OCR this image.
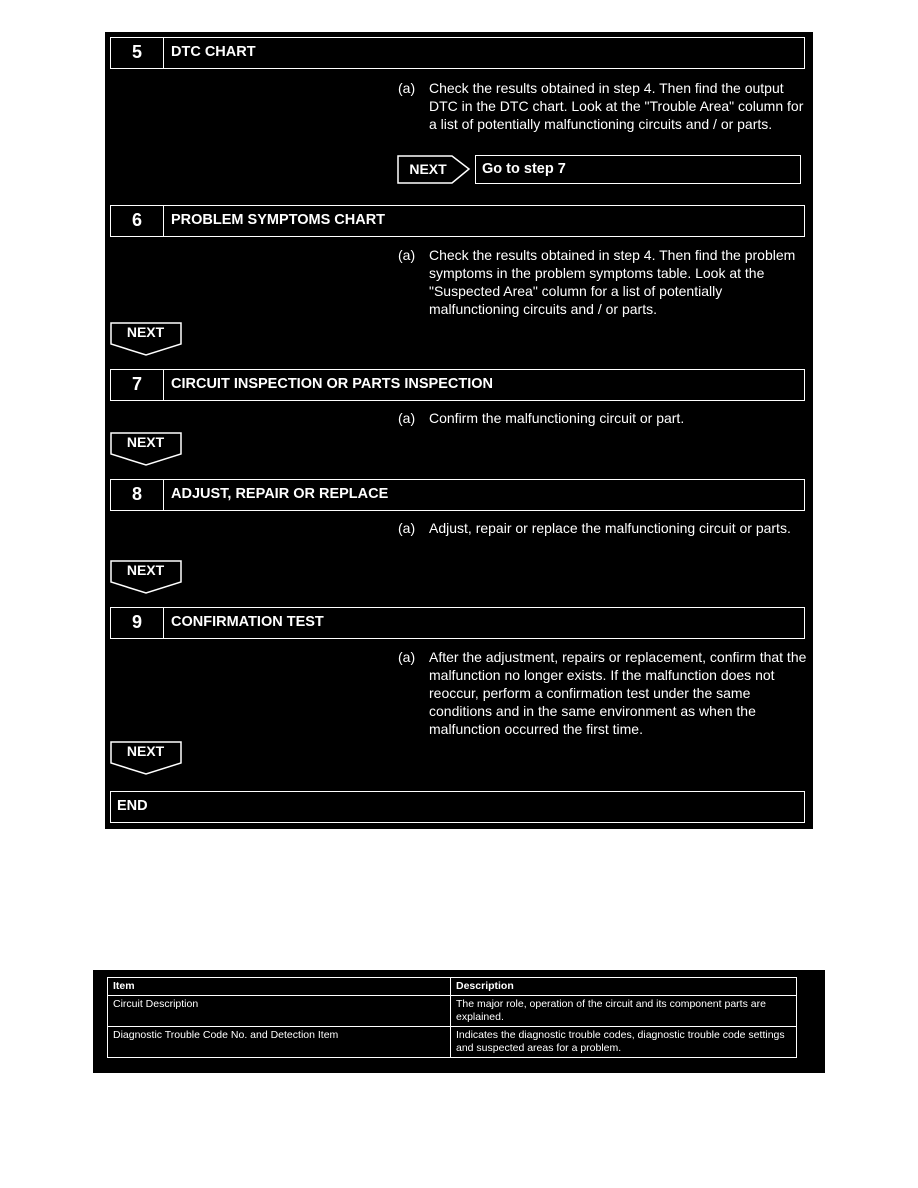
5	DTC CHART
(a) Check the results obtained in step 4. Then find the output DTC in the DTC chart. Look at the "Trouble Area" column for a list of potentially malfunctioning circuits and / or parts.
NEXT	Go to step 7
6	PROBLEM SYMPTOMS CHART
(a) Check the results obtained in step 4. Then find the problem symptoms in the problem symptoms table. Look at the "Suspected Area" column for a list of potentially malfunctioning circuits and / or parts.
NEXT
7	CIRCUIT INSPECTION OR PARTS INSPECTION
(a) Confirm the malfunctioning circuit or part.
NEXT
8	ADJUST, REPAIR OR REPLACE
(a) Adjust, repair or replace the malfunctioning circuit or parts.
NEXT
9	CONFIRMATION TEST
(a) After the adjustment, repairs or replacement, confirm that the malfunction no longer exists. If the malfunction does not reoccur, perform a confirmation test under the same conditions and in the same environment as when the malfunction occurred the first time.
NEXT
END
Item	Description
Circuit Description	The major role, operation of the circuit and its component parts are explained.
Diagnostic Trouble Code No. and Detection Item	Indicates the diagnostic trouble codes, diagnostic trouble code settings and suspected areas for a problem.
